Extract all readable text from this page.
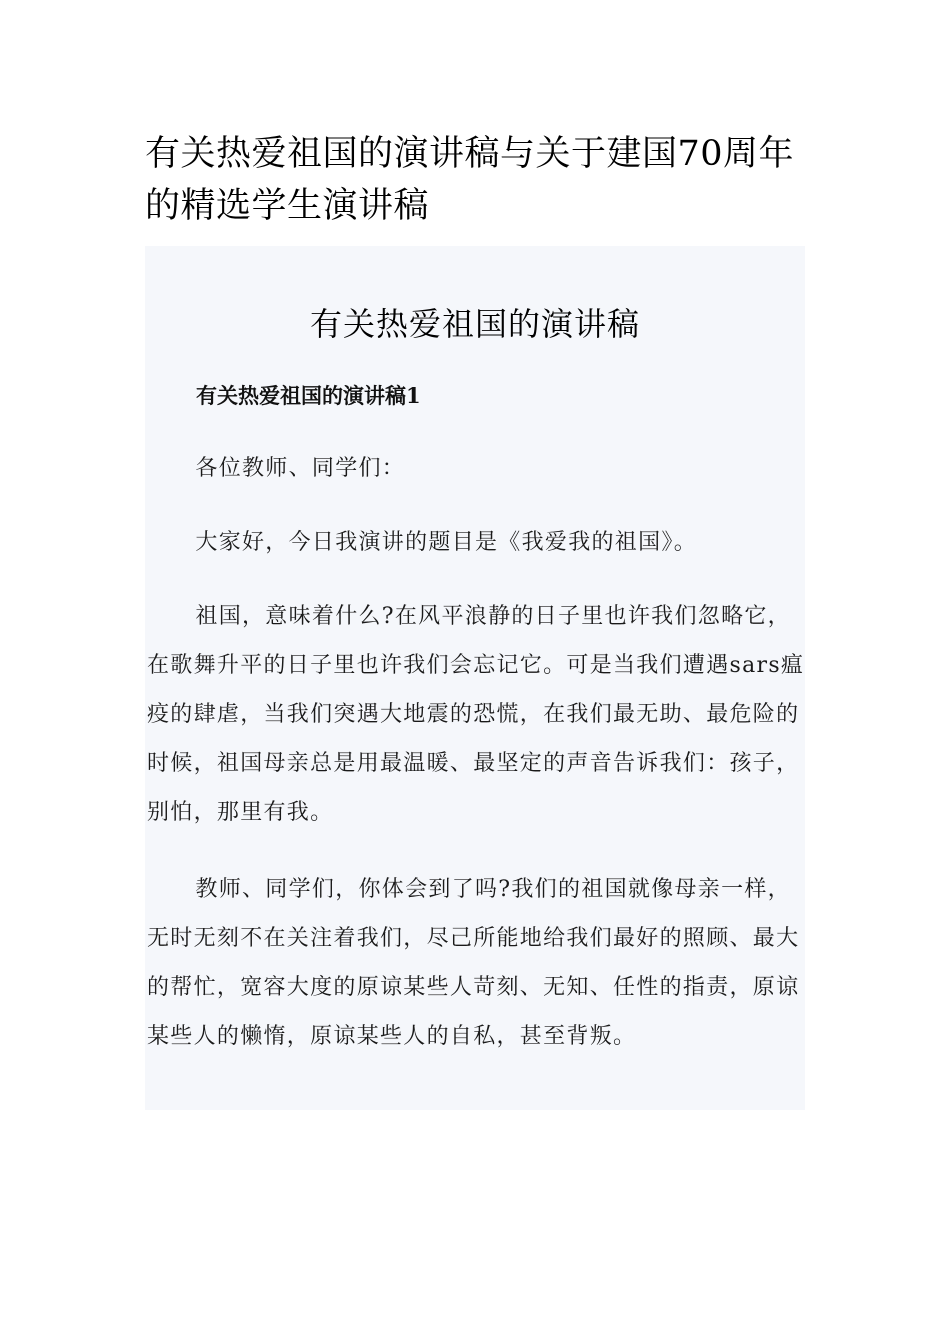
有关热爱祖国的演讲稿与关于建国70周年的精选学生演讲稿
有关热爱祖国的演讲稿

有关热爱祖国的演讲稿1

各位教师、同学们：

大家好，今日我演讲的题目是《我爱我的祖国》。

祖国，意味着什么?在风平浪静的日子里也许我们忽略它，在歌舞升平的日子里也许我们会忘记它。可是当我们遭遇sars瘟疫的肆虐，当我们突遇大地震的恐慌，在我们最无助、最危险的时候，祖国母亲总是用最温暖、最坚定的声音告诉我们：孩子，别怕，那里有我。

教师、同学们，你体会到了吗?我们的祖国就像母亲一样，无时无刻不在关注着我们，尽己所能地给我们最好的照顾、最大的帮忙，宽容大度的原谅某些人苛刻、无知、任性的指责，原谅某些人的懒惰，原谅某些人的自私，甚至背叛。
